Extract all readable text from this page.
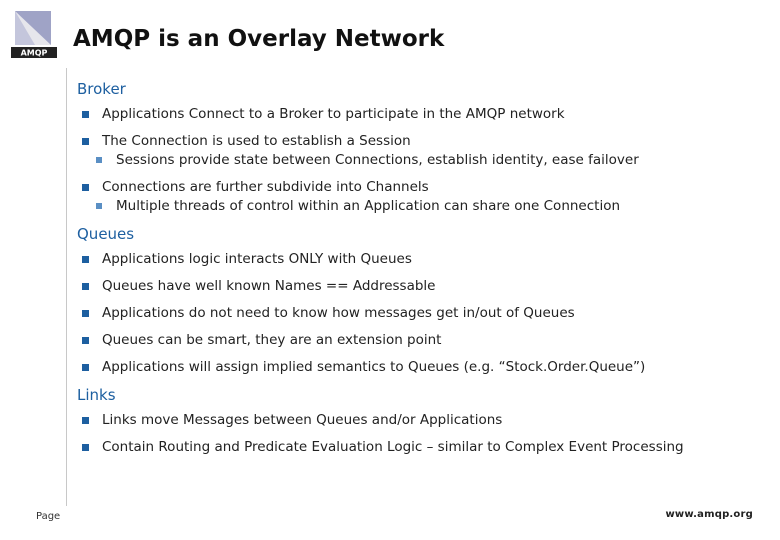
AMQP
AMQP is an Overlay Network
Broker
Applications Connect to a Broker to participate in the AMQP network
The Connection is used to establish a Session
Sessions provide state between Connections, establish identity, ease failover
Connections are further subdivide into Channels
Multiple threads of control within an Application can share one Connection
Queues
Applications logic interacts ONLY with Queues
Queues have well known Names == Addressable
Applications do not need to know how messages get in/out of Queues
Queues can be smart, they are an extension point
Applications will assign implied semantics to Queues (e.g. “Stock.Order.Queue”)
Links
Links move Messages between Queues and/or Applications
Contain Routing and Predicate Evaluation Logic – similar to Complex Event Processing
Page	www.amqp.org
